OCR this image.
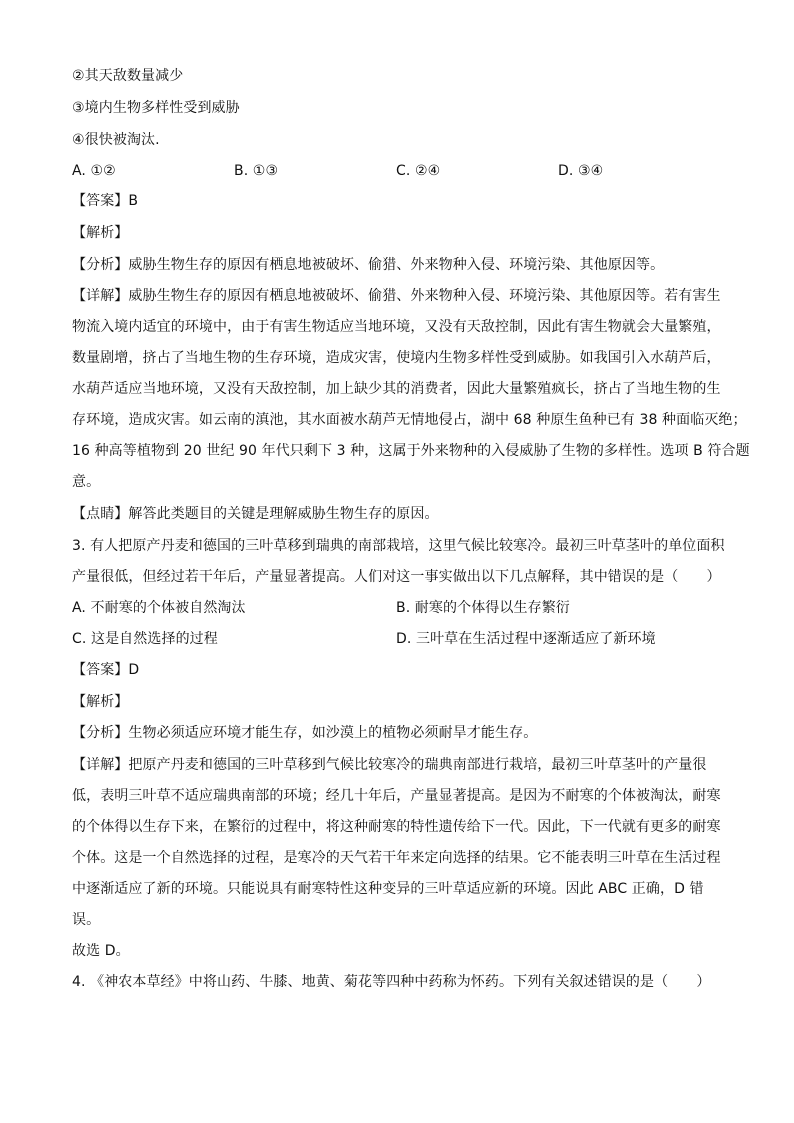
②其天敌数量减少
③境内生物多样性受到威胁
④很快被淘汰.
A. ①②	B. ①③	C. ②④	D. ③④
【答案】B
【解析】
【分析】威胁生物生存的原因有栖息地被破坏、偷猎、外来物种入侵、环境污染、其他原因等。
【详解】威胁生物生存的原因有栖息地被破坏、偷猎、外来物种入侵、环境污染、其他原因等。若有害生
物流入境内适宜的环境中，由于有害生物适应当地环境，又没有天敌控制，因此有害生物就会大量繁殖，
数量剧增，挤占了当地生物的生存环境，造成灾害，使境内生物多样性受到威胁。如我国引入水葫芦后，
水葫芦适应当地环境，又没有天敌控制，加上缺少其的消费者，因此大量繁殖疯长，挤占了当地生物的生
存环境，造成灾害。如云南的滇池，其水面被水葫芦无情地侵占，湖中 68 种原生鱼种已有 38 种面临灭绝；
16 种高等植物到 20 世纪 90 年代只剩下 3 种，这属于外来物种的入侵威胁了生物的多样性。选项 B 符合题
意。
【点睛】解答此类题目的关键是理解威胁生物生存的原因。
3. 有人把原产丹麦和德国的三叶草移到瑞典的南部栽培，这里气候比较寒冷。最初三叶草茎叶的单位面积
产量很低，但经过若干年后，产量显著提高。人们对这一事实做出以下几点解释，其中错误的是（　　）
A. 不耐寒的个体被自然淘汰	B. 耐寒的个体得以生存繁衍
C. 这是自然选择的过程	D. 三叶草在生活过程中逐渐适应了新环境
【答案】D
【解析】
【分析】生物必须适应环境才能生存，如沙漠上的植物必须耐旱才能生存。
【详解】把原产丹麦和德国的三叶草移到气候比较寒冷的瑞典南部进行栽培，最初三叶草茎叶的产量很
低，表明三叶草不适应瑞典南部的环境；经几十年后，产量显著提高。是因为不耐寒的个体被淘汰，耐寒
的个体得以生存下来，在繁衍的过程中，将这种耐寒的特性遗传给下一代。因此，下一代就有更多的耐寒
个体。这是一个自然选择的过程，是寒冷的天气若干年来定向选择的结果。它不能表明三叶草在生活过程
中逐渐适应了新的环境。只能说具有耐寒特性这种变异的三叶草适应新的环境。因此 ABC 正确，D 错
误。
故选 D。
4. 《神农本草经》中将山药、牛膝、地黄、菊花等四种中药称为怀药。下列有关叙述错误的是（　　）
